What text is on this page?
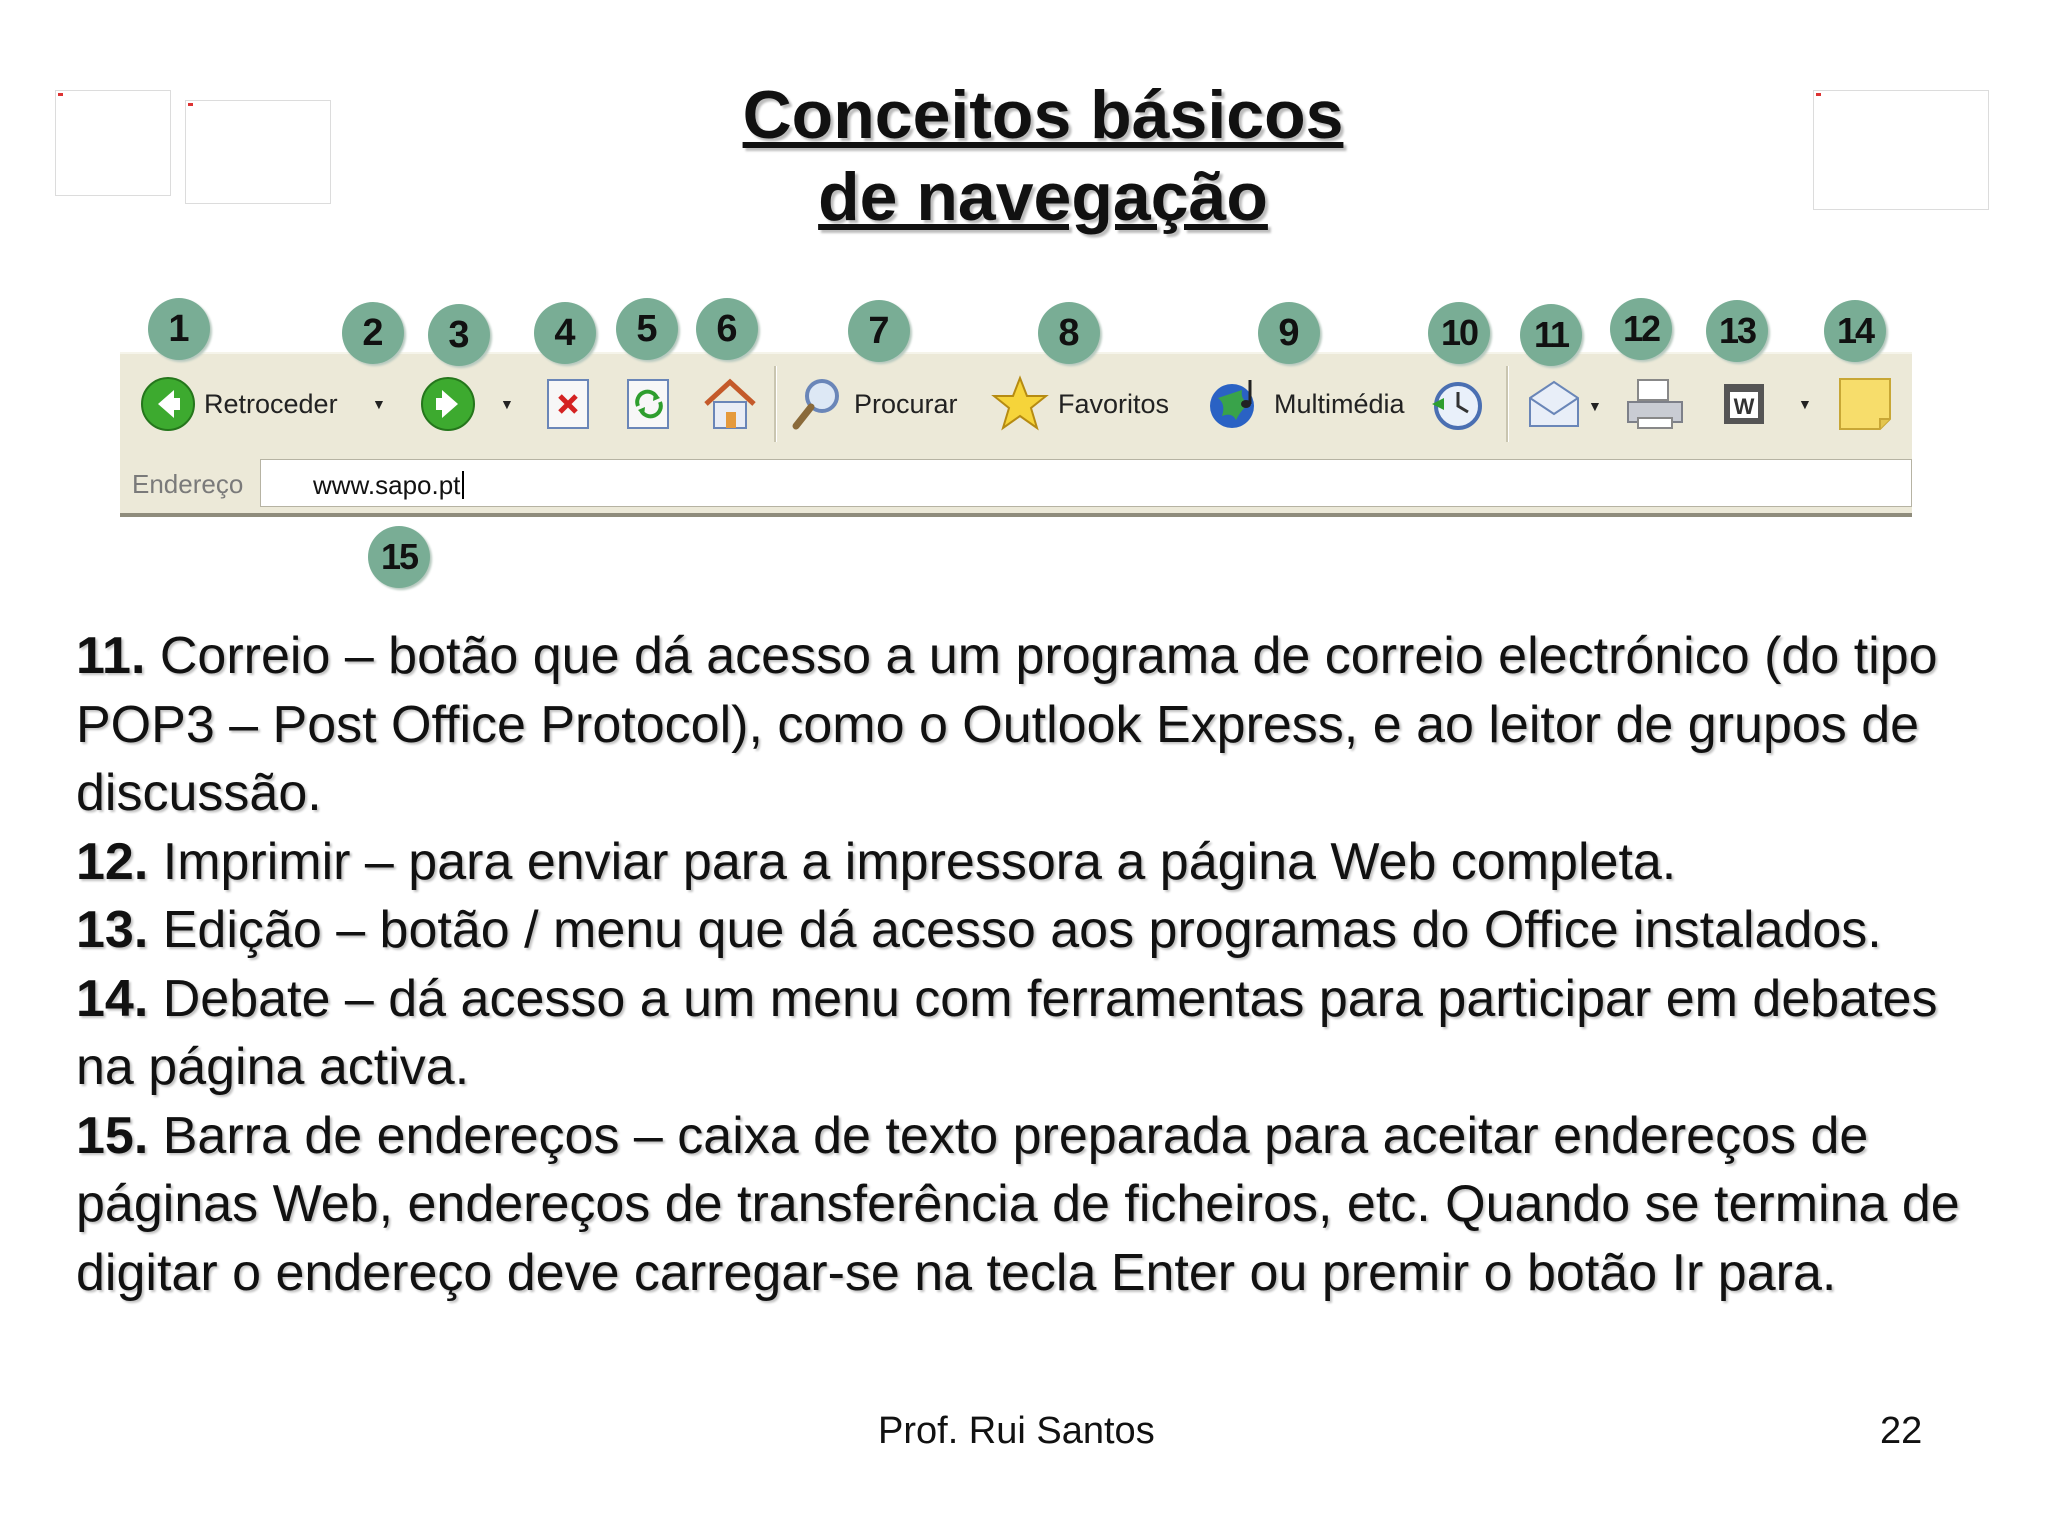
Conceitos básicos
de navegação
Retroceder ▼	▼	Procurar	Favoritos	Multimédia	▼	W	▼
Endereço	www.sapo.pt
1	2	3	4	5	6	7	8	9	10	11	12	13	14
15

11. Correio – botão que dá acesso a um programa de correio electrónico (do tipo POP3 – Post Office Protocol), como o Outlook Express, e ao leitor de grupos de discussão.

12. Imprimir – para enviar para a impressora a página Web completa.

13. Edição – botão / menu que dá acesso aos programas do Office instalados.

14. Debate – dá acesso a um menu com ferramentas para participar em debates na página activa.

15. Barra de endereços – caixa de texto preparada para aceitar endereços de páginas Web, endereços de transferência de ficheiros, etc. Quando se termina de digitar o endereço deve carregar-se na tecla Enter ou premir o botão Ir para.

Prof. Rui Santos	22
